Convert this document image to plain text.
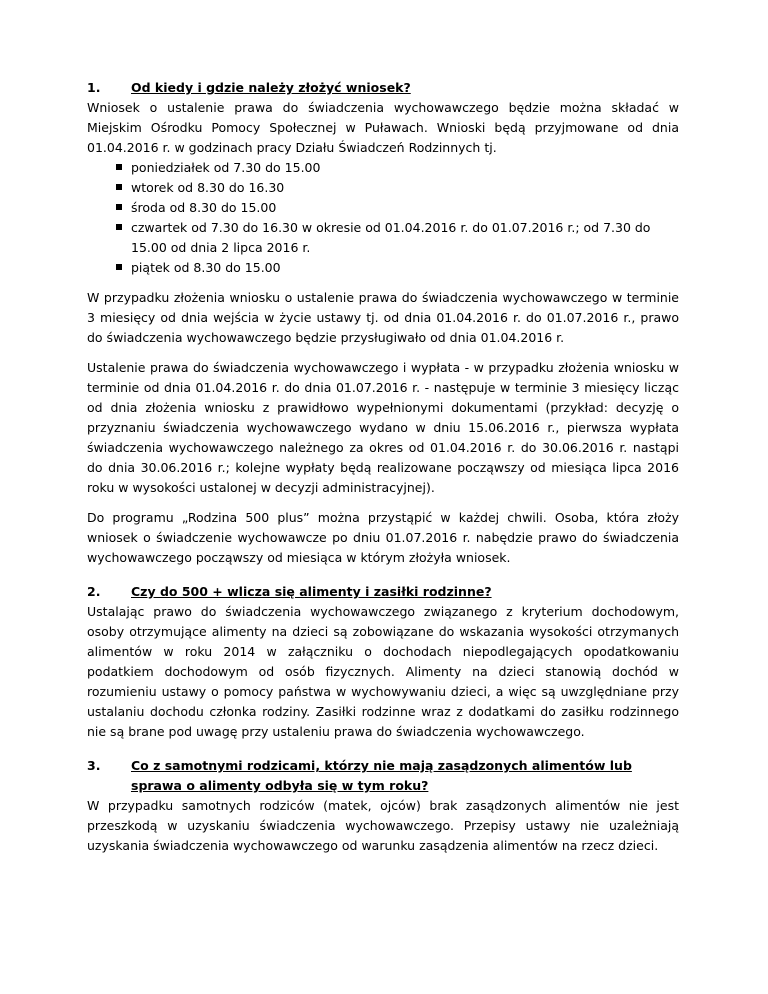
1.	Od kiedy i gdzie należy złożyć wniosek?

Wniosek o ustalenie prawa do świadczenia wychowawczego będzie można składać w Miejskim Ośrodku Pomocy Społecznej w Puławach. Wnioski będą przyjmowane od dnia 01.04.2016 r. w godzinach pracy Działu Świadczeń Rodzinnych tj.

poniedziałek od 7.30 do 15.00
wtorek od 8.30 do 16.30
środa od 8.30 do 15.00
czwartek od 7.30 do 16.30 w okresie od 01.04.2016 r. do 01.07.2016 r.; od 7.30 do 15.00 od dnia 2 lipca 2016 r.
piątek od 8.30 do 15.00

W przypadku złożenia wniosku o ustalenie prawa do świadczenia wychowawczego w terminie 3 miesięcy od dnia wejścia w życie ustawy tj. od dnia 01.04.2016 r. do 01.07.2016 r., prawo do świadczenia wychowawczego będzie przysługiwało od dnia 01.04.2016 r.

Ustalenie prawa do świadczenia wychowawczego i wypłata - w przypadku złożenia wniosku w terminie od dnia 01.04.2016 r. do dnia 01.07.2016 r. - następuje w terminie 3 miesięcy licząc od dnia złożenia wniosku z prawidłowo wypełnionymi dokumentami (przykład: decyzję o przyznaniu świadczenia wychowawczego wydano w dniu 15.06.2016 r., pierwsza wypłata świadczenia wychowawczego należnego za okres od 01.04.2016 r. do 30.06.2016 r. nastąpi do dnia 30.06.2016 r.; kolejne wypłaty będą realizowane począwszy od miesiąca lipca 2016 roku w wysokości ustalonej w decyzji administracyjnej).

Do programu „Rodzina 500 plus” można przystąpić w każdej chwili. Osoba, która złoży wniosek o świadczenie wychowawcze po dniu 01.07.2016 r. nabędzie prawo do świadczenia wychowawczego począwszy od miesiąca w którym złożyła wniosek.

2.	Czy do 500 + wlicza się alimenty i zasiłki rodzinne?

Ustalając prawo do świadczenia wychowawczego związanego z kryterium dochodowym, osoby otrzymujące alimenty na dzieci są zobowiązane do wskazania wysokości otrzymanych alimentów w roku 2014 w załączniku o dochodach niepodlegających opodatkowaniu podatkiem dochodowym od osób fizycznych. Alimenty na dzieci stanowią dochód w rozumieniu ustawy o pomocy państwa w wychowywaniu dzieci, a więc są uwzględniane przy ustalaniu dochodu członka rodziny. Zasiłki rodzinne wraz z dodatkami do zasiłku rodzinnego nie są brane pod uwagę przy ustaleniu prawa do świadczenia wychowawczego.

3.	Co z samotnymi rodzicami, którzy nie mają zasądzonych alimentów lub sprawa o alimenty odbyła się w tym roku?

W przypadku samotnych rodziców (matek, ojców) brak zasądzonych alimentów nie jest przeszkodą w uzyskaniu świadczenia wychowawczego. Przepisy ustawy nie uzależniają uzyskania świadczenia wychowawczego od warunku zasądzenia alimentów na rzecz dzieci.
